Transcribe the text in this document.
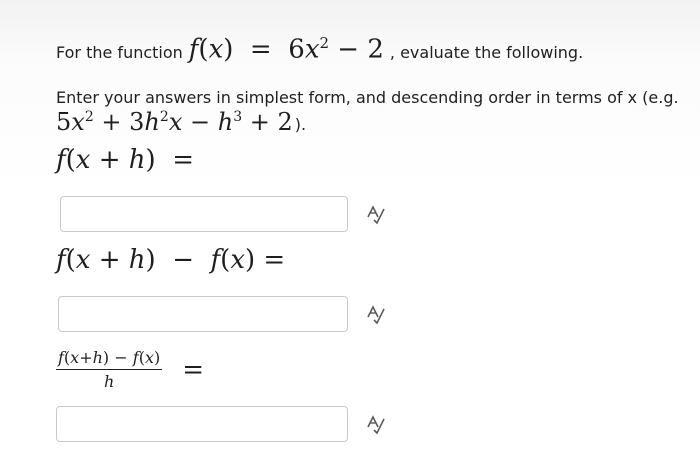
For the function $f(x) = 6x^2 - 2$ , evaluate the following.
Enter your answers in simplest form, and descending order in terms of x (e.g.
$5x^2 + 3h^2x - h^3 + 2$ ).
f(x + h)  =
f(x + h)  −  f(x) =
$\frac{f(x+h) - f(x)}{h}$ =
